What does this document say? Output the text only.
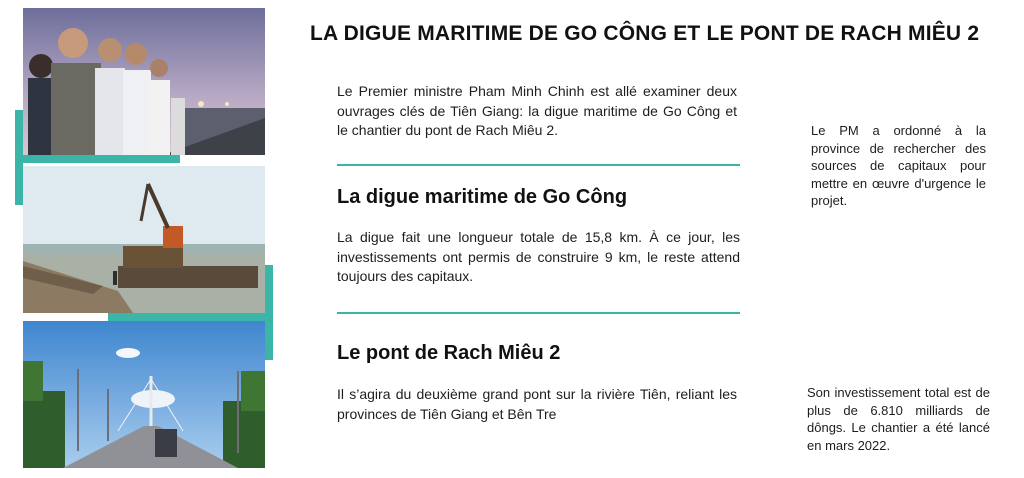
LA DIGUE MARITIME DE GO CÔNG ET LE PONT DE RACH MIÊU 2
Le Premier ministre Pham Minh Chinh est allé examiner deux ouvrages clés de Tiên Giang: la digue maritime de Go Công et le chantier du pont de Rach Miêu 2.
La digue maritime de Go Công
La digue fait une longueur totale de 15,8 km. À ce jour, les investissements ont permis de construire 9 km, le reste attend toujours des capitaux.
Le pont de Rach Miêu 2
Il s’agira du deuxième grand pont sur la rivière Tiên, reliant les provinces de Tiên Giang et Bên Tre
Le PM a ordonné à la province de rechercher des sources de capitaux pour mettre en œuvre d'urgence le projet.
Son investissement total est de plus de 6.810 milliards de dôngs. Le chantier a été lancé en mars 2022.
